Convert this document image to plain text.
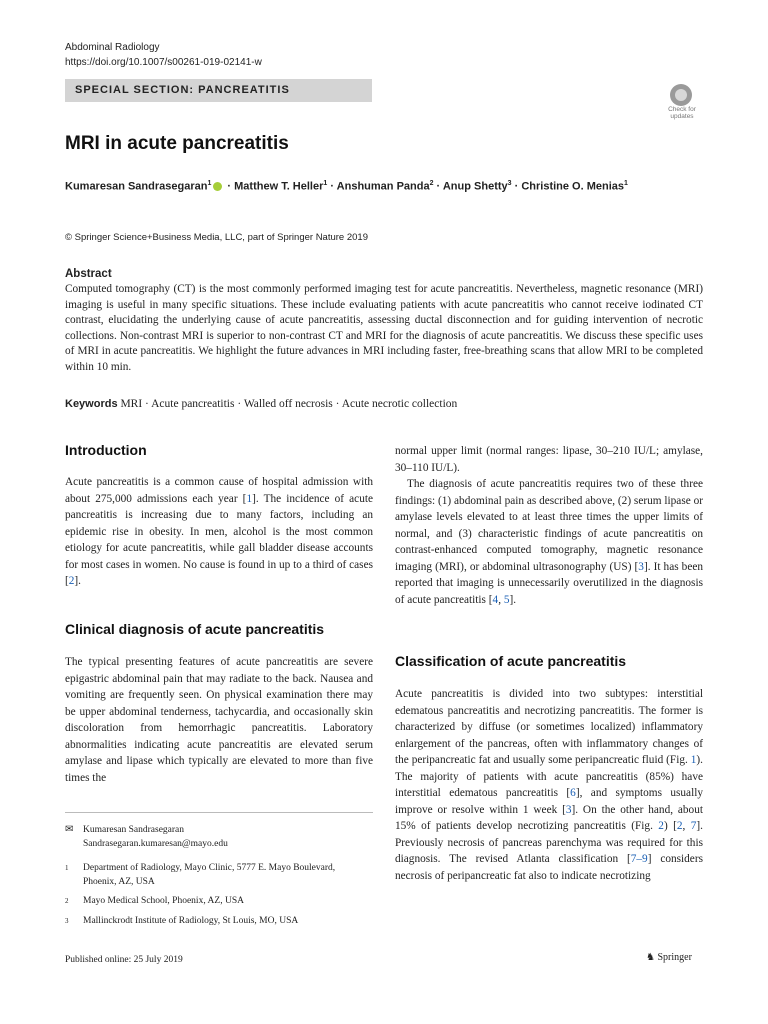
Abdominal Radiology
https://doi.org/10.1007/s00261-019-02141-w
SPECIAL SECTION: PANCREATITIS
Check for
updates
MRI in acute pancreatitis
Kumaresan Sandrasegaran$^1$ · Matthew T. Heller$^1$ · Anshuman Panda$^2$ · Anup Shetty$^3$ · Christine O. Menias$^1$
© Springer Science+Business Media, LLC, part of Springer Nature 2019
Abstract
Computed tomography (CT) is the most commonly performed imaging test for acute pancreatitis. Nevertheless, magnetic resonance (MRI) imaging is useful in many specific situations. These include evaluating patients with acute pancreatitis who cannot receive iodinated CT contrast, elucidating the underlying cause of acute pancreatitis, assessing ductal disconnection and for guiding intervention of necrotic collections. Non-contrast MRI is superior to non-contrast CT and MRI for the diagnosis of acute pancreatitis. We discuss these specific uses of MRI in acute pancreatitis. We highlight the future advances in MRI including faster, free-breathing scans that allow MRI to be completed within 10 min.
Keywords MRI · Acute pancreatitis · Walled off necrosis · Acute necrotic collection
Introduction

Acute pancreatitis is a common cause of hospital admission with about 275,000 admissions each year [1]. The incidence of acute pancreatitis is increasing due to many factors, including an epidemic rise in obesity. In men, alcohol is the most common etiology for acute pancreatitis, while gall bladder disease accounts for most cases in women. No cause is found in up to a third of cases [2].

Clinical diagnosis of acute pancreatitis

The typical presenting features of acute pancreatitis are severe epigastric abdominal pain that may radiate to the back. Nausea and vomiting are frequently seen. On physical examination there may be upper abdominal tenderness, tachycardia, and occasionally skin discoloration from hemorrhagic pancreatitis. Laboratory abnormalities indicating acute pancreatitis are elevated serum amylase and lipase which typically are elevated to more than five times the

✉ Kumaresan Sandrasegaran
Sandrasegaran.kumaresan@mayo.edu
1 Department of Radiology, Mayo Clinic, 5777 E. Mayo Boulevard, Phoenix, AZ, USA
2 Mayo Medical School, Phoenix, AZ, USA
3 Mallinckrodt Institute of Radiology, St Louis, MO, USA

normal upper limit (normal ranges: lipase, 30–210 IU/L; amylase, 30–110 IU/L).

The diagnosis of acute pancreatitis requires two of these three findings: (1) abdominal pain as described above, (2) serum lipase or amylase levels elevated to at least three times the upper limits of normal, and (3) characteristic findings of acute pancreatitis on contrast-enhanced computed tomography, magnetic resonance imaging (MRI), or abdominal ultrasonography (US) [3]. It has been reported that imaging is unnecessarily overutilized in the diagnosis of acute pancreatitis [4, 5].

Classification of acute pancreatitis

Acute pancreatitis is divided into two subtypes: interstitial edematous pancreatitis and necrotizing pancreatitis. The former is characterized by diffuse (or sometimes localized) inflammatory enlargement of the pancreas, often with inflammatory changes of the peripancreatic fat and usually some peripancreatic fluid (Fig. 1). The majority of patients with acute pancreatitis (85%) have interstitial edematous pancreatitis [6], and symptoms usually improve or resolve within 1 week [3]. On the other hand, about 15% of patients develop necrotizing pancreatitis (Fig. 2) [2, 7]. Previously necrosis of pancreas parenchyma was required for this diagnosis. The revised Atlanta classification [7–9] considers necrosis of peripancreatic fat also to indicate necrotizing

Published online: 25 July 2019	♞ Springer
